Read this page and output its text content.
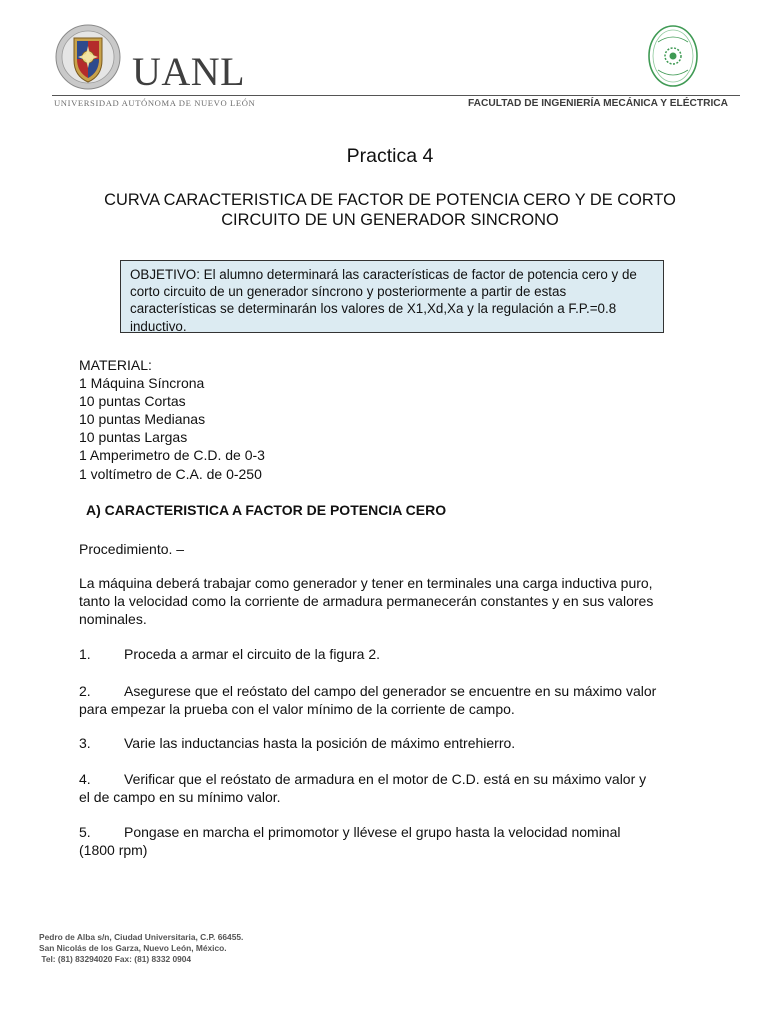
UANL
UNIVERSIDAD AUTÓNOMA DE NUEVO LEÓN	FACULTAD DE INGENIERÍA MECÁNICA Y ELÉCTRICA
Practica 4
CURVA CARACTERISTICA DE FACTOR DE POTENCIA CERO Y DE CORTO
CIRCUITO DE UN GENERADOR SINCRONO
OBJETIVO: El alumno determinará las características de factor de potencia cero y de
corto circuito de un generador síncrono y posteriormente a partir de estas
características se determinarán los valores de X1,Xd,Xa y la regulación a F.P.=0.8
inductivo.
MATERIAL:
1 Máquina Síncrona
10 puntas Cortas
10 puntas Medianas
10 puntas Largas
1 Amperimetro de C.D. de 0-3
1 voltímetro de C.A. de 0-250
A) CARACTERISTICA A FACTOR DE POTENCIA CERO
Procedimiento. –
La máquina deberá trabajar como generador y tener en terminales una carga inductiva puro,
tanto la velocidad como la corriente de armadura permanecerán constantes y en sus valores
nominales.
1. Proceda a armar el circuito de la figura 2.
2. Asegurese que el reóstato del campo del generador se encuentre en su máximo valor
para empezar la prueba con el valor mínimo de la corriente de campo.
3. Varie las inductancias hasta la posición de máximo entrehierro.
4. Verificar que el reóstato de armadura en el motor de C.D. está en su máximo valor y
el de campo en su mínimo valor.
5. Pongase en marcha el primomotor y llévese el grupo hasta la velocidad nominal
(1800 rpm)
Pedro de Alba s/n, Ciudad Universitaria, C.P. 66455.
San Nicolás de los Garza, Nuevo León, México.
Tel: (81) 83294020 Fax: (81) 8332 0904
